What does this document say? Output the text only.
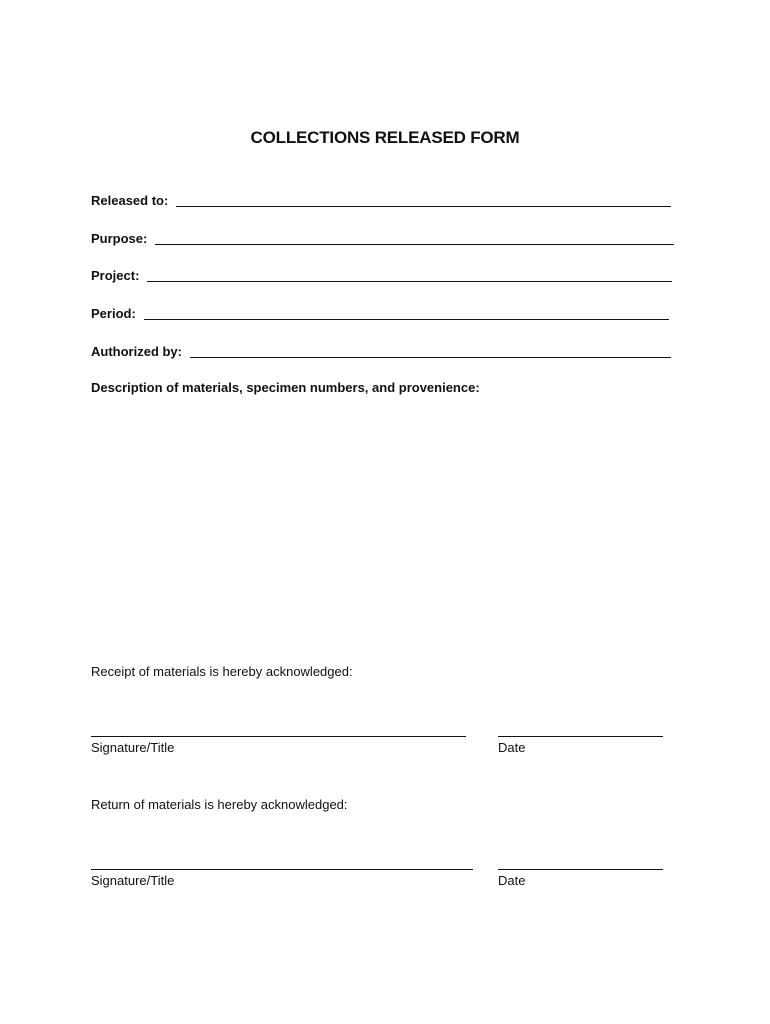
COLLECTIONS RELEASED FORM
Released to:
Purpose:
Project:
Period:
Authorized by:
Description of materials, specimen numbers, and provenience:
Receipt of materials is hereby acknowledged:
Signature/Title	Date
Return of materials is hereby acknowledged:
Signature/Title	Date
